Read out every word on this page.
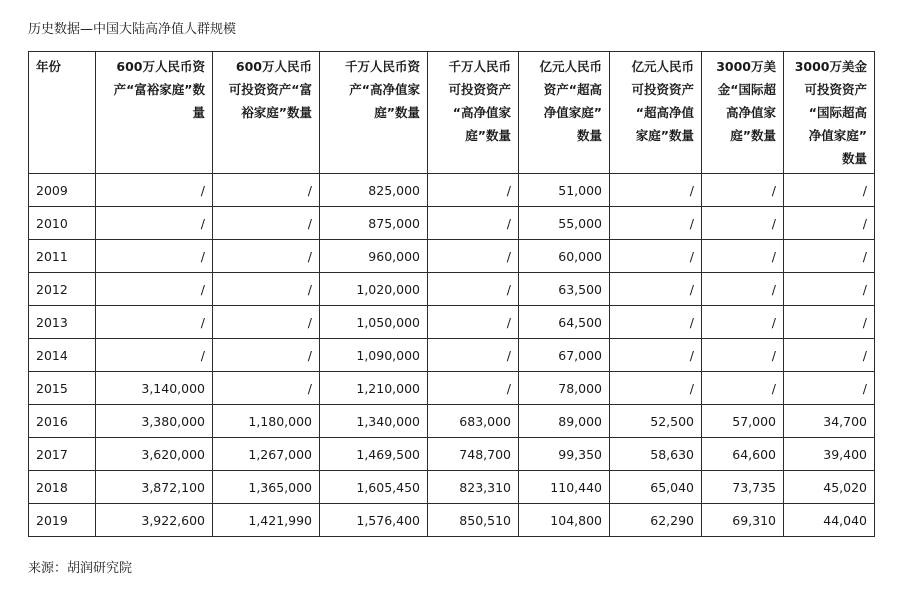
历史数据—中国大陆高净值人群规模
年份	600万人民币资
产“富裕家庭”数
量	600万人民币
可投资资产“富
裕家庭”数量	千万人民币资
产“高净值家
庭”数量	千万人民币
可投资资产
“高净值家
庭”数量	亿元人民币
资产“超高
净值家庭”
数量	亿元人民币
可投资资产
“超高净值
家庭”数量	3000万美
金“国际超
高净值家
庭”数量	3000万美金
可投资资产
“国际超高
净值家庭”
数量
2009	/	/	825,000	/	51,000	/	/	/
2010	/	/	875,000	/	55,000	/	/	/
2011	/	/	960,000	/	60,000	/	/	/
2012	/	/	1,020,000	/	63,500	/	/	/
2013	/	/	1,050,000	/	64,500	/	/	/
2014	/	/	1,090,000	/	67,000	/	/	/
2015	3,140,000	/	1,210,000	/	78,000	/	/	/
2016	3,380,000	1,180,000	1,340,000	683,000	89,000	52,500	57,000	34,700
2017	3,620,000	1,267,000	1,469,500	748,700	99,350	58,630	64,600	39,400
2018	3,872,100	1,365,000	1,605,450	823,310	110,440	65,040	73,735	45,020
2019	3,922,600	1,421,990	1,576,400	850,510	104,800	62,290	69,310	44,040
来源：胡润研究院
